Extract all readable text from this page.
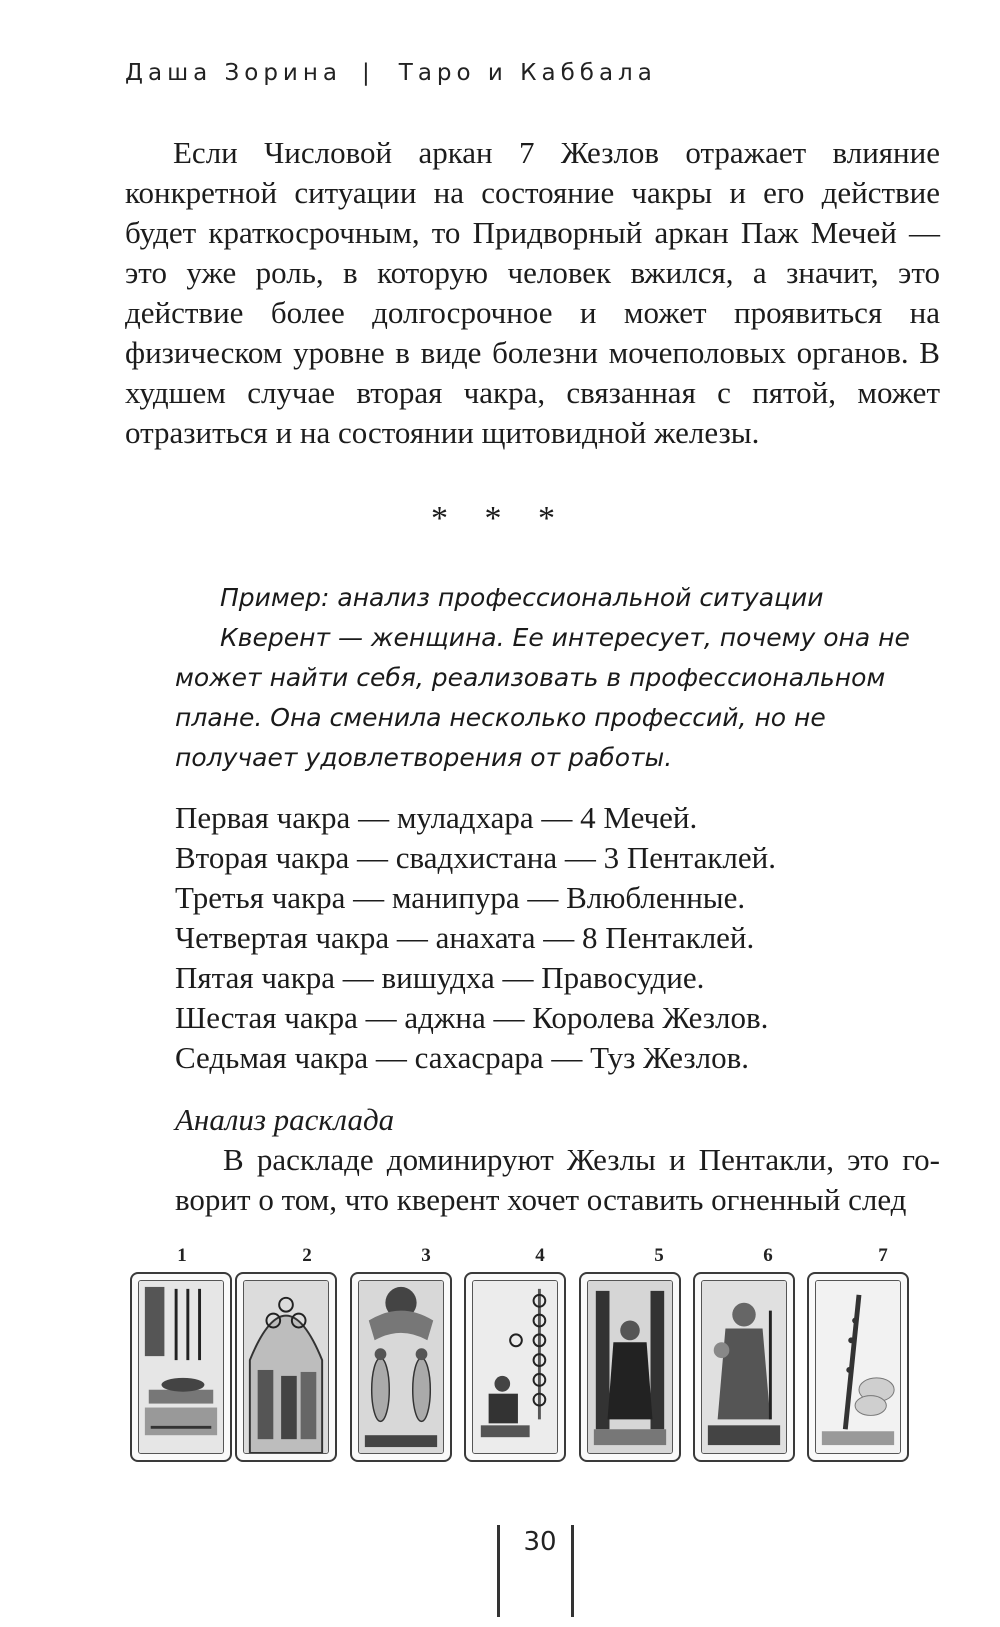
Даша Зорина | Таро и Каббала

Если Числовой аркан 7 Жезлов отражает влияние конкретной ситуации на состояние чакры и его действие будет краткосрочным, то Придворный аркан Паж Мечей — это уже роль, в которую человек вжился, а значит, это действие более долгосрочное и может проявиться на физическом уровне в виде болезни мочеполовых органов. В худшем случае вторая чакра, связанная с пятой, может отразиться и на состоянии щитовидной железы.

* * *
Пример: анализ профессиональной ситуации

Кверент — женщина. Ее интересует, почему она не может найти себя, реализовать в профессиональном плане. Она сменила несколько профессий, но не получает удовлетворения от работы.

Первая чакра — муладхара — 4 Мечей.
Вторая чакра — свадхистана — 3 Пентаклей.
Третья чакра — манипура — Влюбленные.
Четвертая чакра — анахата — 8 Пентаклей.
Пятая чакра — вишудха — Правосудие.
Шестая чакра — аджна — Королева Жезлов.
Седьмая чакра — сахасрара — Туз Жезлов.
Анализ расклада

В раскладе доминируют Жезлы и Пентакли, это говорит о том, что кверент хочет оставить огненный след

1	2	3	4	5	6	7
30
